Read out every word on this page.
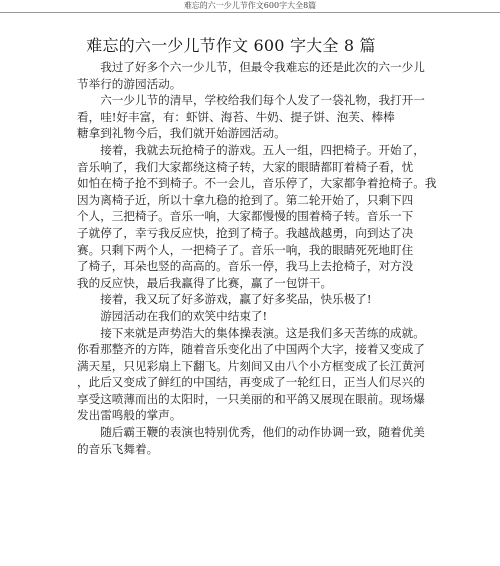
难忘的六一少儿节作文600字大全8篇
难忘的六一少儿节作文 600 字大全 8 篇
我过了好多个六一少儿节，但最令我难忘的还是此次的六一少儿
节举行的游园活动。
六一少儿节的清早，学校给我们每个人发了一袋礼物，我打开一
看，哇!好丰富，有：虾饼、海苔、牛奶、提子饼、泡芙、棒棒
糖拿到礼物今后，我们就开始游园活动。
接着，我就去玩抢椅子的游戏。五人一组，四把椅子。开始了，
音乐响了，我们大家都绕这椅子转，大家的眼睛都盯着椅子看，忧
如怕在椅子抢不到椅子。不一会儿，音乐停了，大家都争着抢椅子。我
因为离椅子近，所以十拿九稳的抢到了。第二轮开始了，只剩下四
个人，三把椅子。音乐一响，大家都慢慢的围着椅子转。音乐一下
子就停了，幸亏我反应快，抢到了椅子。我越战越勇，向到达了决
赛。只剩下两个人，一把椅子了。音乐一响，我的眼睛死死地盯住
了椅子，耳朵也竖的高高的。音乐一停，我马上去抢椅子，对方没
我的反应快，最后我赢得了比赛，赢了一包饼干。
接着，我又玩了好多游戏，赢了好多奖品，快乐极了!
游园活动在我们的欢笑中结束了!
接下来就是声势浩大的集体操表演。这是我们多天苦练的成就。
你看那整齐的方阵，随着音乐变化出了中国两个大字，接着又变成了
满天星，只见彩扇上下翻飞。片刻间又由八个小方框变成了长江黄河
，此后又变成了鲜红的中国结，再变成了一轮红日，正当人们尽兴的
享受这喷薄而出的太阳时，一只美丽的和平鸽又展现在眼前。现场爆
发出雷鸣般的掌声。
随后霸王鞭的表演也特别优秀，他们的动作协调一致，随着优美
的音乐飞舞着。
